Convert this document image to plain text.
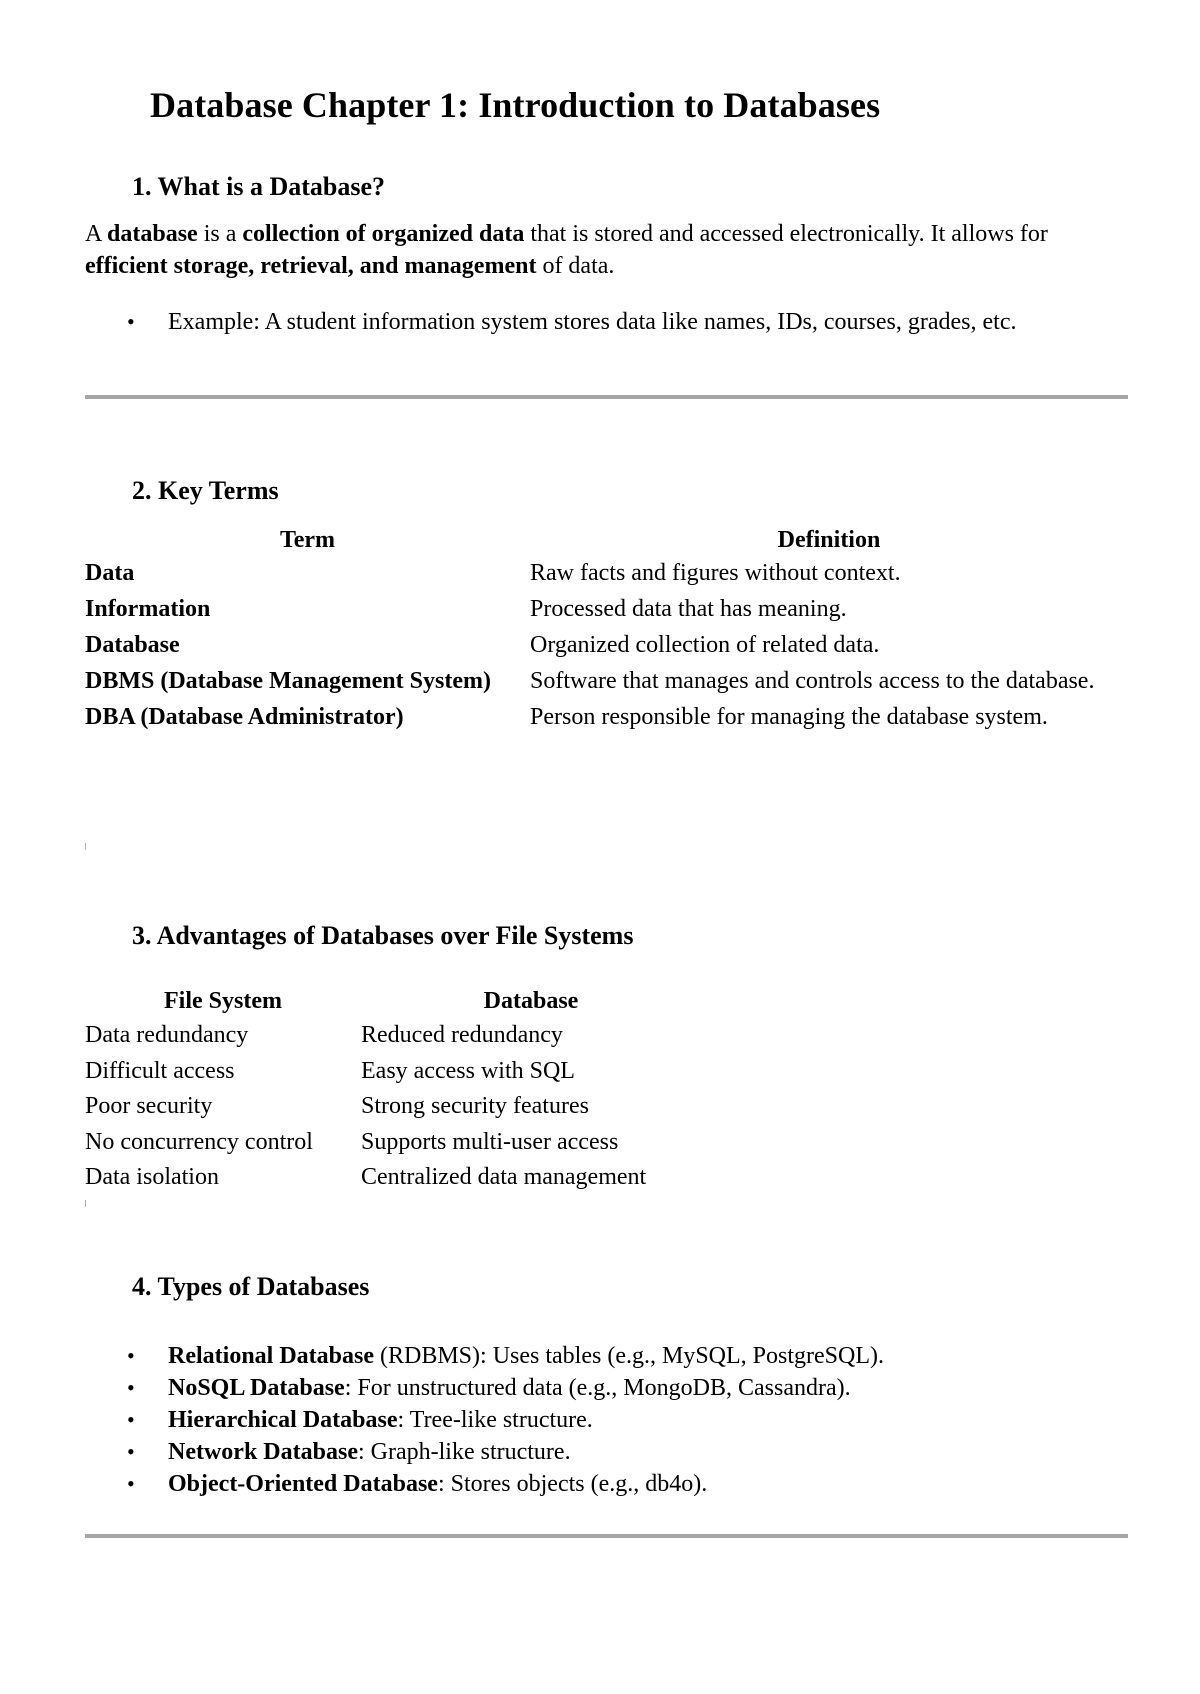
Database Chapter 1: Introduction to Databases
1. What is a Database?

A database is a collection of organized data that is stored and accessed electronically. It allows for efficient storage, retrieval, and management of data.

• Example: A student information system stores data like names, IDs, courses, grades, etc.
2. Key Terms
Term	Definition
Data	Raw facts and figures without context.
Information	Processed data that has meaning.
Database	Organized collection of related data.
DBMS (Database Management System)	Software that manages and controls access to the database.
DBA (Database Administrator)	Person responsible for managing the database system.
3. Advantages of Databases over File Systems
File System	Database
Data redundancy	Reduced redundancy
Difficult access	Easy access with SQL
Poor security	Strong security features
No concurrency control	Supports multi-user access
Data isolation	Centralized data management
4. Types of Databases
• Relational Database (RDBMS): Uses tables (e.g., MySQL, PostgreSQL).
• NoSQL Database: For unstructured data (e.g., MongoDB, Cassandra).
• Hierarchical Database: Tree-like structure.
• Network Database: Graph-like structure.
• Object-Oriented Database: Stores objects (e.g., db4o).
